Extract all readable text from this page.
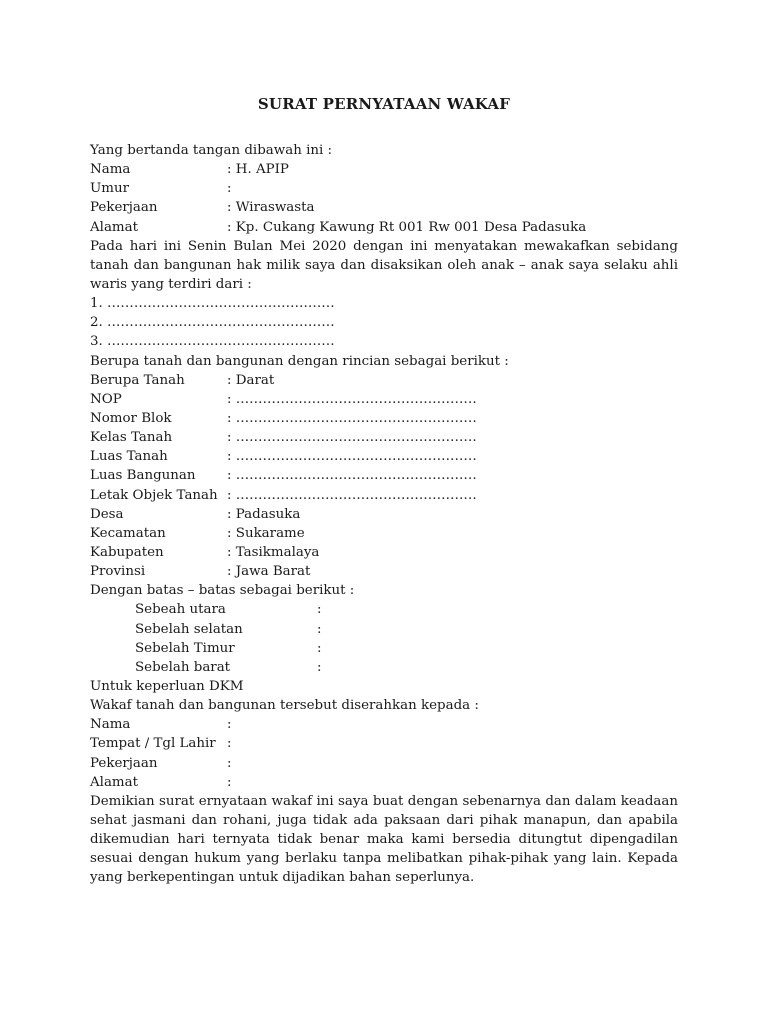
SURAT PERNYATAAN WAKAF
Yang bertanda tangan dibawah ini :
Nama	: H. APIP
Umur	:
Pekerjaan	: Wiraswasta
Alamat	: Kp. Cukang Kawung Rt 001 Rw 001 Desa Padasuka
Pada hari ini Senin Bulan Mei 2020 dengan ini menyatakan mewakafkan sebidang tanah dan bangunan hak milik saya dan disaksikan oleh anak – anak saya selaku ahli waris yang terdiri dari :
1. ……………………………………………
2. ……………………………………………
3. ……………………………………………
Berupa tanah dan bangunan dengan rincian sebagai berikut :
Berupa Tanah	: Darat
NOP	: ………………………………………………
Nomor Blok	: ………………………………………………
Kelas Tanah	: ………………………………………………
Luas Tanah	: ………………………………………………
Luas Bangunan : ………………………………………………
Letak Objek Tanah : ………………………………………………
Desa	: Padasuka
Kecamatan	: Sukarame
Kabupaten	: Tasikmalaya
Provinsi	: Jawa Barat
Dengan batas – batas sebagai berikut :
Sebeah utara	:
Sebelah selatan	:
Sebelah Timur	:
Sebelah barat	:
Untuk keperluan DKM
Wakaf tanah dan bangunan tersebut diserahkan kepada :
Nama	:
Tempat / Tgl Lahir :
Pekerjaan	:
Alamat	:
Demikian surat ernyataan wakaf ini saya buat dengan sebenarnya dan dalam keadaan sehat jasmani dan rohani, juga tidak ada paksaan dari pihak manapun, dan apabila dikemudian hari ternyata tidak benar maka kami bersedia ditungtut dipengadilan sesuai dengan hukum yang berlaku tanpa melibatkan pihak-pihak yang lain. Kepada yang berkepentingan untuk dijadikan bahan seperlunya.
